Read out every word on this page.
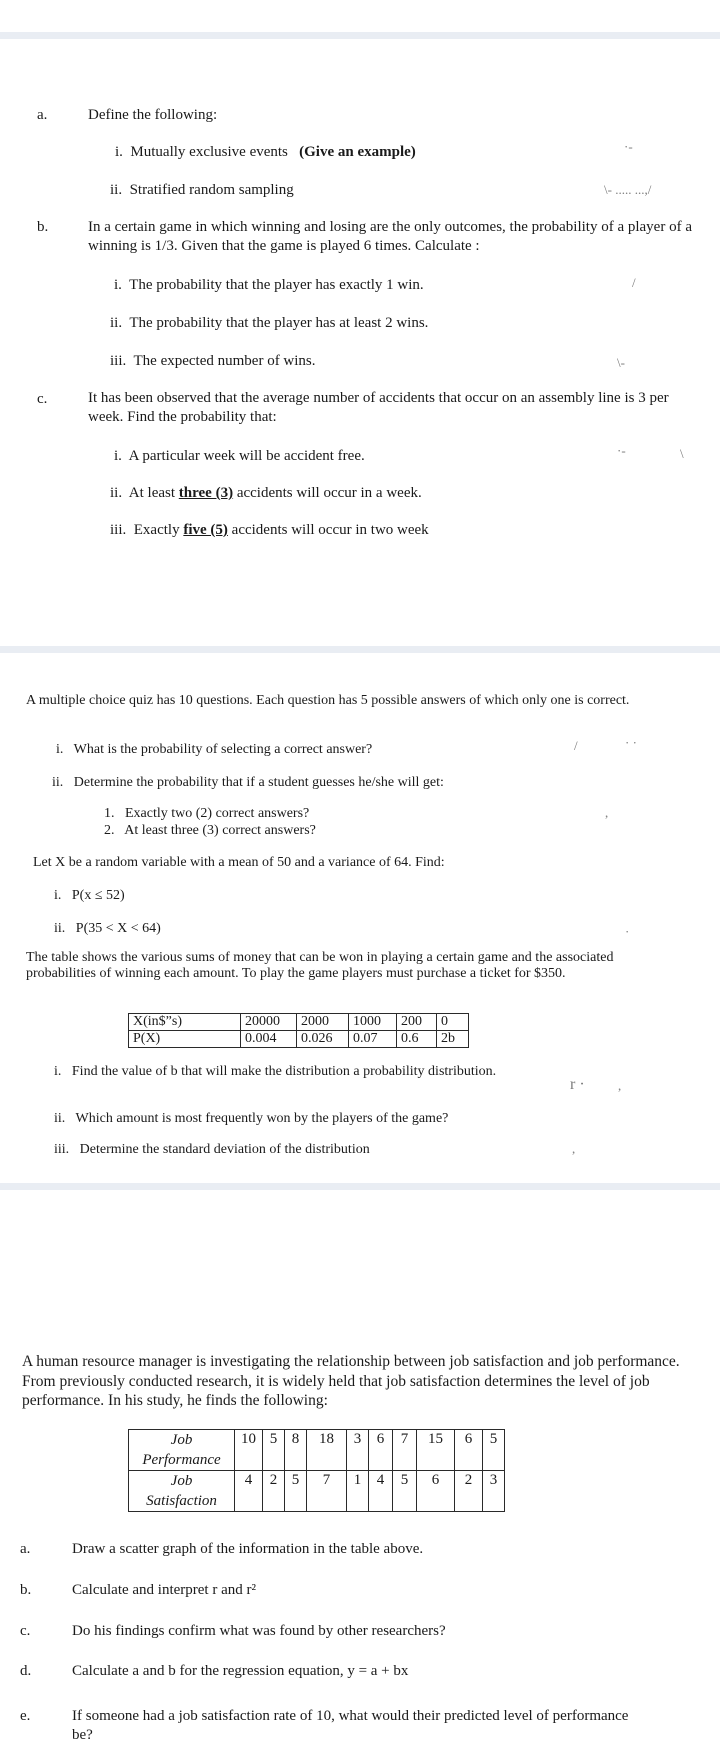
a.	Define the following:
i. Mutually exclusive events (Give an example)	·-
ii. Stratified random sampling	\- ..... ...,/
b.	In a certain game in which winning and losing are the only outcomes, the probability of a player of a winning is 1/3. Given that the game is played 6 times. Calculate :
i. The probability that the player has exactly 1 win.	/
ii. The probability that the player has at least 2 wins.
iii. The expected number of wins.	\-
c.	It has been observed that the average number of accidents that occur on an assembly line is 3 per week. Find the probability that:
i. A particular week will be accident free.	·-	\
ii. At least three (3) accidents will occur in a week.
iii. Exactly five (5) accidents will occur in two week
A multiple choice quiz has 10 questions. Each question has 5 possible answers of which only one is correct.
i. What is the probability of selecting a correct answer?	/	· ·
ii. Determine the probability that if a student guesses he/she will get:
1. Exactly two (2) correct answers?	,
2. At least three (3) correct answers?
Let X be a random variable with a mean of 50 and a variance of 64. Find:
i. P(x ≤ 52)
ii. P(35 < X < 64)	·
The table shows the various sums of money that can be won in playing a certain game and the associated probabilities of winning each amount. To play the game players must purchase a ticket for $350.
X(in$”s)	20000	2000	1000	200	0
P(X)	0.004	0.026	0.07	0.6	2b
i. Find the value of b that will make the distribution a probability distribution.
r ·	,
ii. Which amount is most frequently won by the players of the game?
iii. Determine the standard deviation of the distribution	,
A human resource manager is investigating the relationship between job satisfaction and job performance. From previously conducted research, it is widely held that job satisfaction determines the level of job performance. In his study, he finds the following:
Job
Performance	10	5	8	18	3	6	7	15	6	5

Job
Satisfaction	4	2	5	7	1	4	5	6	2	3
a.	Draw a scatter graph of the information in the table above.
b.	Calculate and interpret r and r²
c.	Do his findings confirm what was found by other researchers?
d.	Calculate a and b for the regression equation, y = a + bx
e.	If someone had a job satisfaction rate of 10, what would their predicted level of performance be?
